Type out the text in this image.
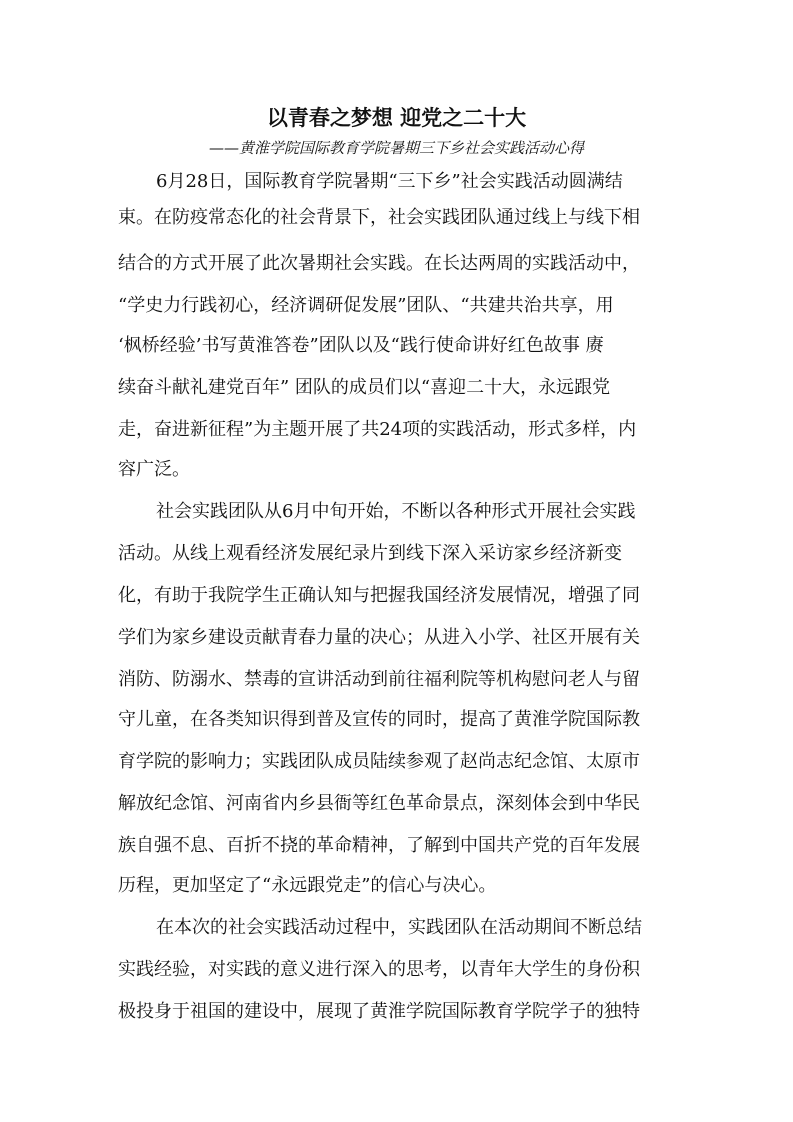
以青春之梦想 迎党之二十大
——黄淮学院国际教育学院暑期三下乡社会实践活动心得
6月28日，国际教育学院暑期“三下乡”社会实践活动圆满结
束。在防疫常态化的社会背景下，社会实践团队通过线上与线下相
结合的方式开展了此次暑期社会实践。在长达两周的实践活动中，
“学史力行践初心，经济调研促发展”团队、“共建共治共享，用
‘枫桥经验’书写黄淮答卷”团队以及“践行使命讲好红色故事 赓
续奋斗献礼建党百年” 团队的成员们以“喜迎二十大，永远跟党
走，奋进新征程”为主题开展了共24项的实践活动，形式多样，内
容广泛。
社会实践团队从6月中旬开始，不断以各种形式开展社会实践
活动。从线上观看经济发展纪录片到线下深入采访家乡经济新变
化，有助于我院学生正确认知与把握我国经济发展情况，增强了同
学们为家乡建设贡献青春力量的决心；从进入小学、社区开展有关
消防、防溺水、禁毒的宣讲活动到前往福利院等机构慰问老人与留
守儿童，在各类知识得到普及宣传的同时，提高了黄淮学院国际教
育学院的影响力；实践团队成员陆续参观了赵尚志纪念馆、太原市
解放纪念馆、河南省内乡县衙等红色革命景点，深刻体会到中华民
族自强不息、百折不挠的革命精神，了解到中国共产党的百年发展
历程，更加坚定了“永远跟党走”的信心与决心。
在本次的社会实践活动过程中，实践团队在活动期间不断总结
实践经验，对实践的意义进行深入的思考，以青年大学生的身份积
极投身于祖国的建设中，展现了黄淮学院国际教育学院学子的独特
